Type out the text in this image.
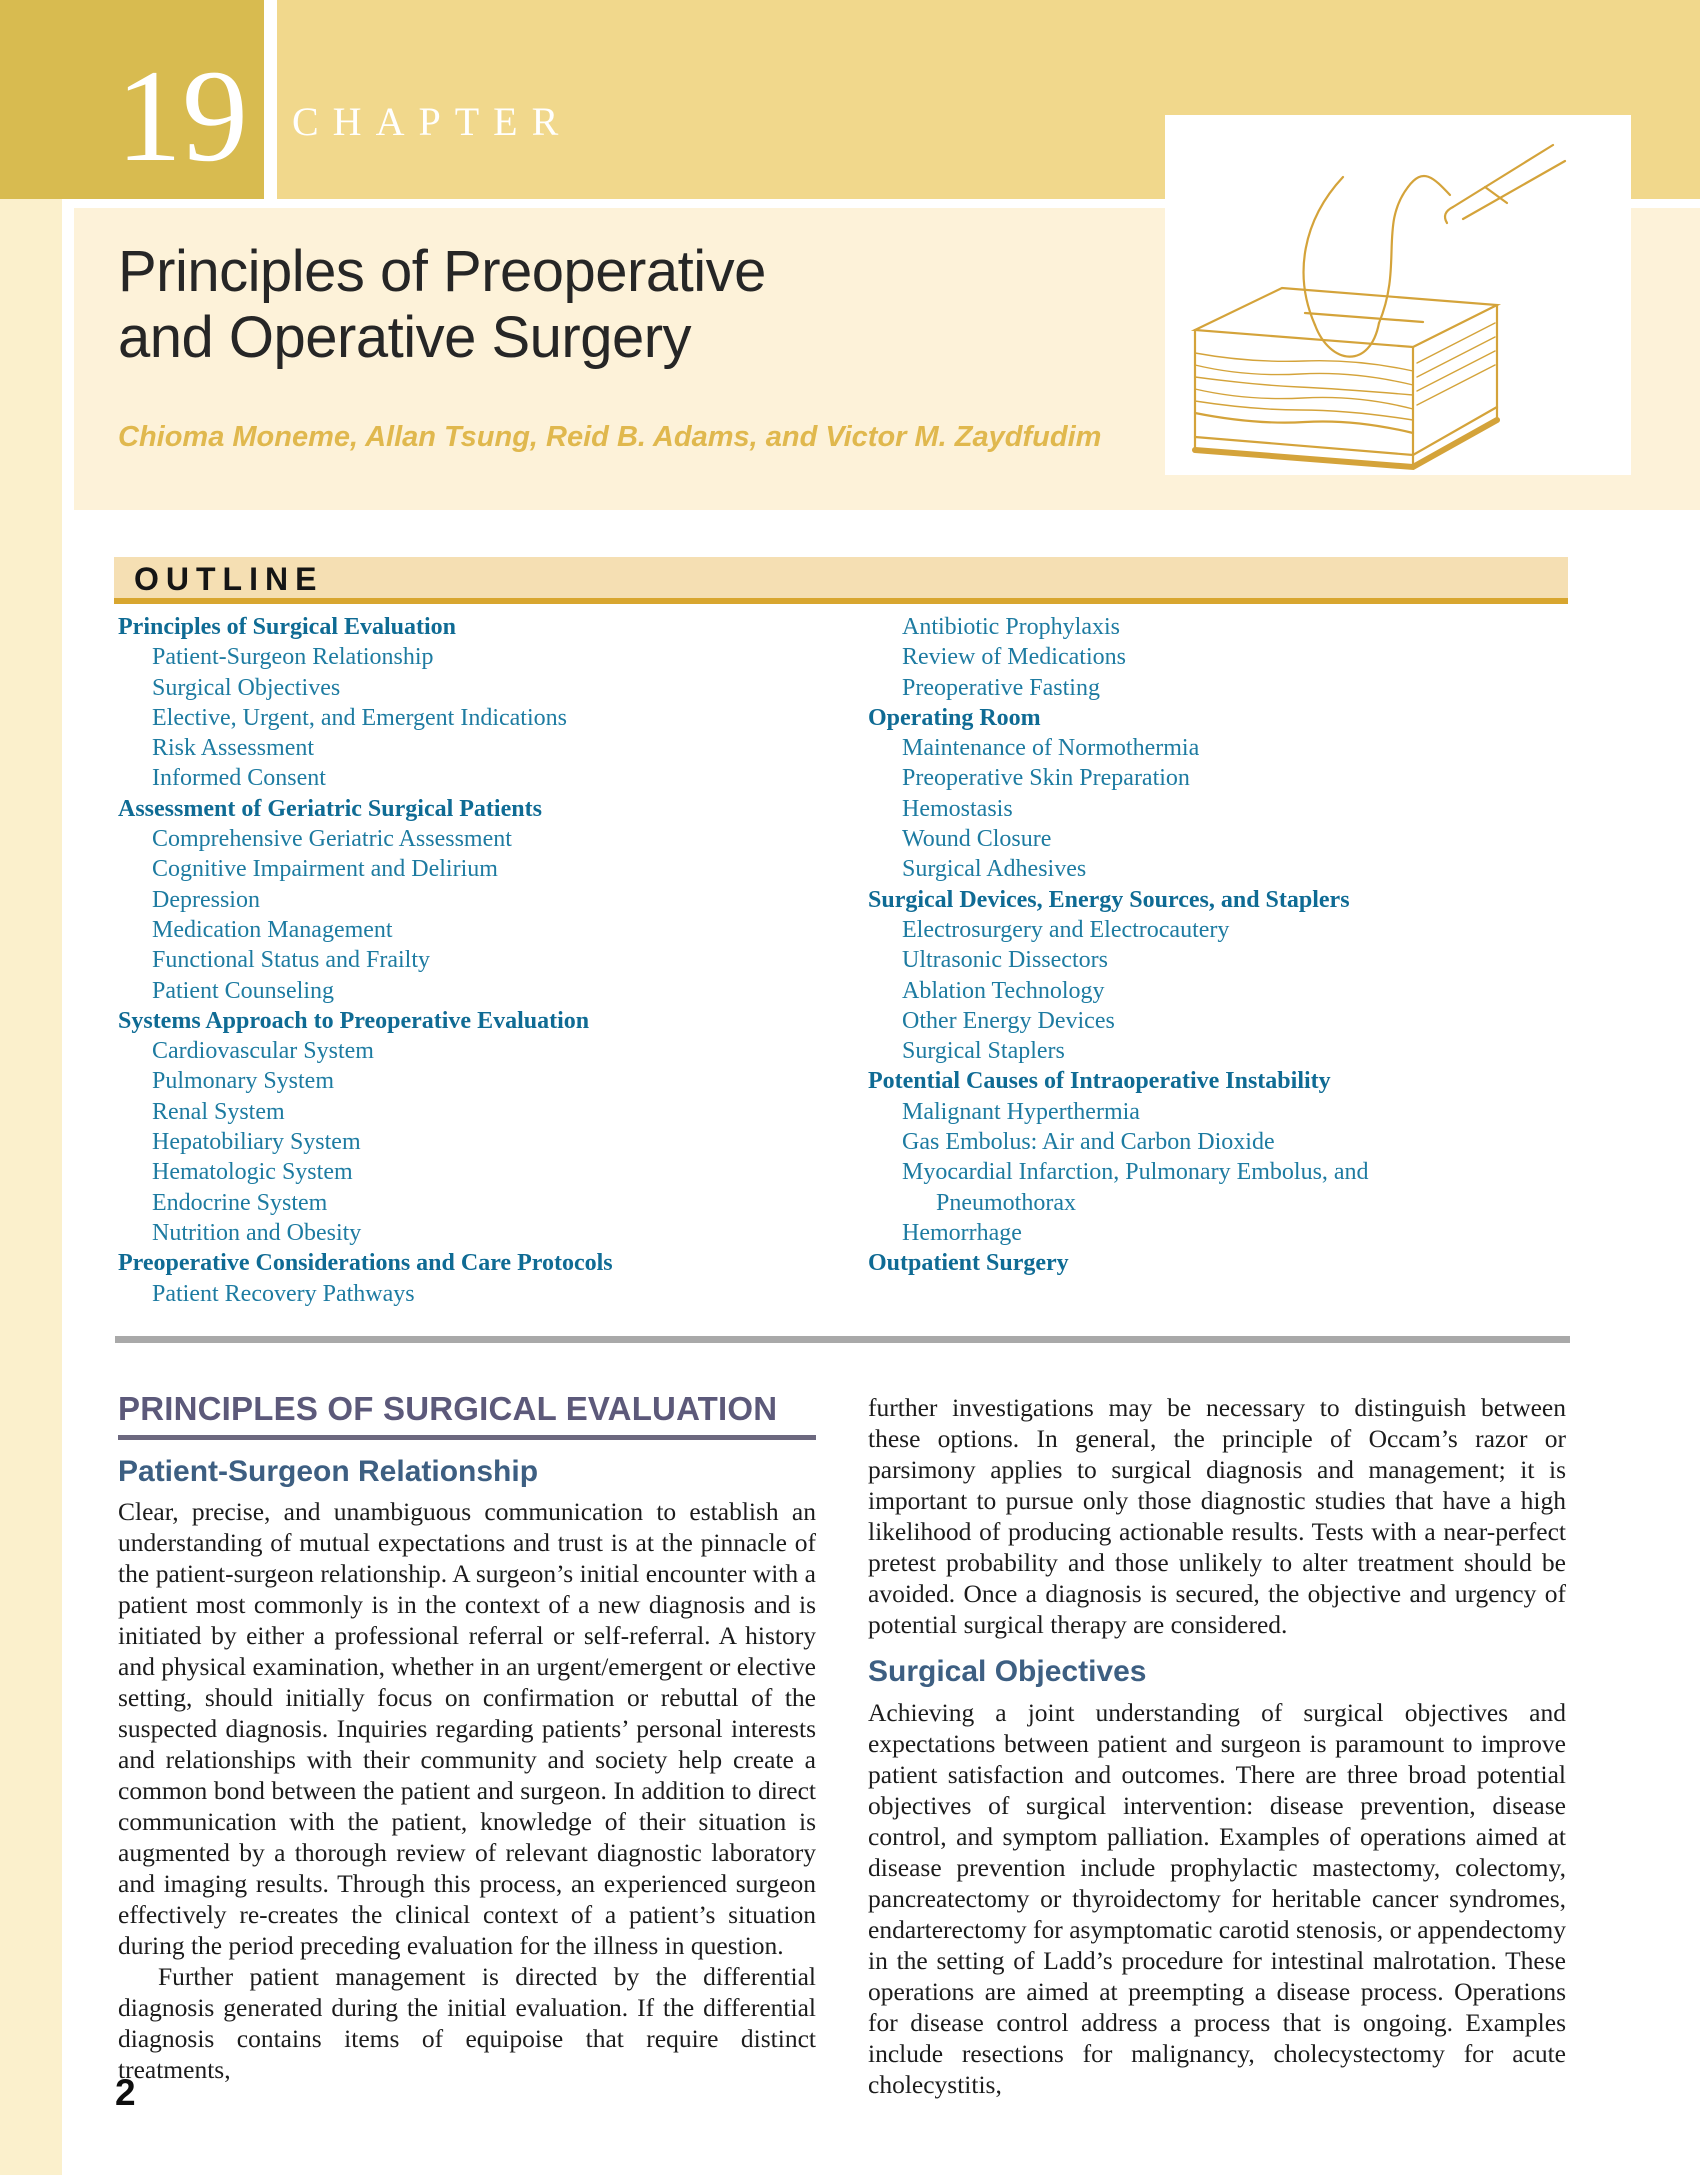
19 CHAPTER
Principles of Preoperative
and Operative Surgery
Chioma Moneme, Allan Tsung, Reid B. Adams, and Victor M. Zaydfudim
OUTLINE
Principles of Surgical Evaluation
Patient-Surgeon Relationship
Surgical Objectives
Elective, Urgent, and Emergent Indications
Risk Assessment
Informed Consent
Assessment of Geriatric Surgical Patients
Comprehensive Geriatric Assessment
Cognitive Impairment and Delirium
Depression
Medication Management
Functional Status and Frailty
Patient Counseling
Systems Approach to Preoperative Evaluation
Cardiovascular System
Pulmonary System
Renal System
Hepatobiliary System
Hematologic System
Endocrine System
Nutrition and Obesity
Preoperative Considerations and Care Protocols
Patient Recovery Pathways
Antibiotic Prophylaxis
Review of Medications
Preoperative Fasting
Operating Room
Maintenance of Normothermia
Preoperative Skin Preparation
Hemostasis
Wound Closure
Surgical Adhesives
Surgical Devices, Energy Sources, and Staplers
Electrosurgery and Electrocautery
Ultrasonic Dissectors
Ablation Technology
Other Energy Devices
Surgical Staplers
Potential Causes of Intraoperative Instability
Malignant Hyperthermia
Gas Embolus: Air and Carbon Dioxide
Myocardial Infarction, Pulmonary Embolus, and
Pneumothorax
Hemorrhage
Outpatient Surgery
PRINCIPLES OF SURGICAL EVALUATION
Patient-Surgeon Relationship

Clear, precise, and unambiguous communication to establish an understanding of mutual expectations and trust is at the pinnacle of the patient-surgeon relationship. A surgeon’s initial encounter with a patient most commonly is in the context of a new diagnosis and is initiated by either a professional referral or self-referral. A history and physical examination, whether in an urgent/emergent or elective setting, should initially focus on confirmation or rebuttal of the suspected diagnosis. Inquiries regarding patients’ personal interests and relationships with their community and society help create a common bond between the patient and surgeon. In addition to direct communication with the patient, knowledge of their situation is augmented by a thorough review of relevant diagnostic laboratory and imaging results. Through this process, an experienced surgeon effectively re-creates the clinical context of a patient’s situation during the period preceding evaluation for the illness in question.

Further patient management is directed by the differential diagnosis generated during the initial evaluation. If the differential diagnosis contains items of equipoise that require distinct treatments,

further investigations may be necessary to distinguish between these options. In general, the principle of Occam’s razor or parsimony applies to surgical diagnosis and management; it is important to pursue only those diagnostic studies that have a high likelihood of producing actionable results. Tests with a near-perfect pretest probability and those unlikely to alter treatment should be avoided. Once a diagnosis is secured, the objective and urgency of potential surgical therapy are considered.

Surgical Objectives

Achieving a joint understanding of surgical objectives and expectations between patient and surgeon is paramount to improve patient satisfaction and outcomes. There are three broad potential objectives of surgical intervention: disease prevention, disease control, and symptom palliation. Examples of operations aimed at disease prevention include prophylactic mastectomy, colectomy, pancreatectomy or thyroidectomy for heritable cancer syndromes, endarterectomy for asymptomatic carotid stenosis, or appendectomy in the setting of Ladd’s procedure for intestinal malrotation. These operations are aimed at preempting a disease process. Operations for disease control address a process that is ongoing. Examples include resections for malignancy, cholecystectomy for acute cholecystitis,

2
